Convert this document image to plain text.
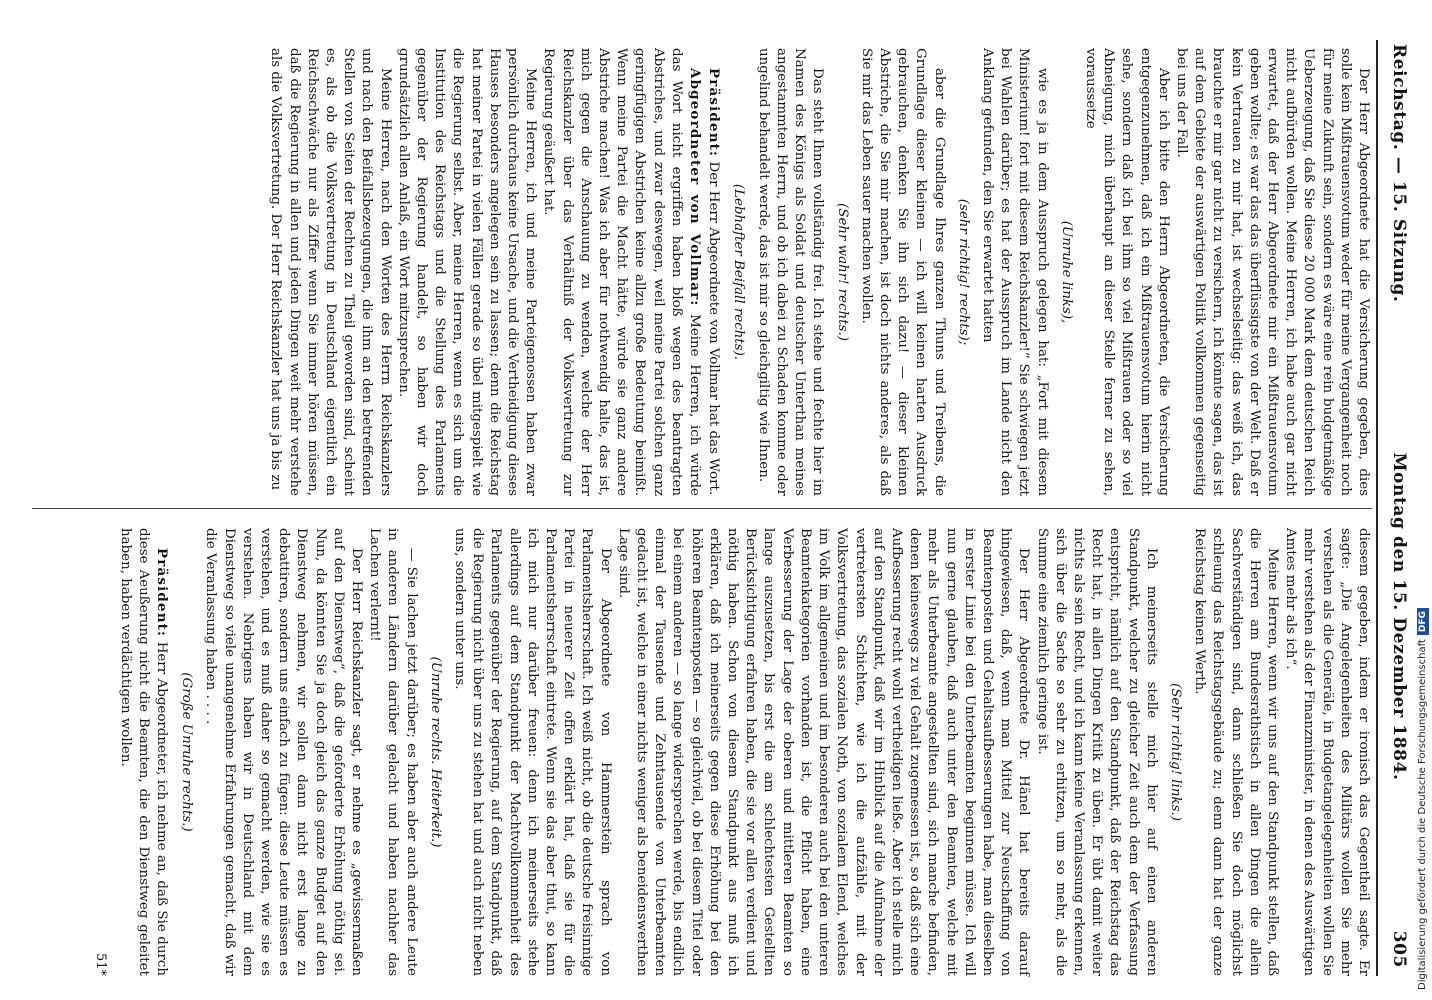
Reichstag. — 15. Sitzung.
Montag den 15. Dezember 1884.
305

Der Herr Abgeordnete hat die Versicherung gegeben, dies solle kein Mißtrauensvotum weder für meine Vergangenheit noch für meine Zukunft sein, sondern es wäre eine rein budgetmäßige Ueberzeugung, daß Sie diese 20 000 Mark dem deutschen Reich nicht aufbürden wollen. Meine Herren, ich habe auch gar nicht erwartet, daß der Herr Abgeordnete mir ein Mißtrauensvotum geben wollte; es war das das überflüssigste von der Welt. Daß er kein Vertrauen zu mir hat, ist wechselseitig: das weiß ich, das brauchte er mir gar nicht zu versichern, ich könnte sagen, das ist auf dem Gebiete der auswärtigen Politik vollkommen gegenseitig bei uns der Fall.

Aber ich bitte den Herrn Abgeordneten, die Versicherung entgegenzunehmen, daß ich ein Mißtrauensvotum hierin nicht sehe, sondern daß ich bei ihm so viel Mißtrauen oder so viel Abneigung, mich überhaupt an dieser Stelle ferner zu sehen, voraussetze

(Unruhe links),

wie es ja in dem Ausspruch gelegen hat: „Fort mit diesem Ministerium! fort mit diesem Reichskanzler!“ Sie schwiegen jetzt bei Wahlen darüber; es hat der Ausspruch im Lande nicht den Anklang gefunden, den Sie erwartet hatten

(sehr richtig! rechts);

aber die Grundlage Ihres ganzen Thuns und Treibens, die Grundlage dieser kleinen — ich will keinen harten Ausdruck gebrauchen, denken Sie ihn sich dazu! — dieser kleinen Abstriche, die Sie mir machen, ist doch nichts anderes, als daß Sie mir das Leben sauer machen wollen.

(Sehr wahr! rechts.)

Das steht Ihnen vollständig frei. Ich stehe und fechte hier im Namen des Königs als Soldat und deutscher Unterthan meines angestammten Herrn, und ob ich dabei zu Schaden komme oder ungelind behandelt werde, das ist mir so gleichgiltig wie Ihnen.

(Lebhafter Beifall rechts).

Präsident: Der Herr Abgeordnete von Vollmar hat das Wort.

Abgeordneter von Vollmar: Meine Herren, ich würde das Wort nicht ergriffen haben bloß wegen des beantragten Abstriches, und zwar deswegen, weil meine Partei solchen ganz geringfügigen Abstrichen keine allzu große Bedeutung beimißt. Wenn meine Partei die Macht hätte, würde sie ganz andere Abstriche machen! Was ich aber für nothwendig halte, das ist, mich gegen die Anschauung zu wenden, welche der Herr Reichskanzler über das Verhältniß der Volksvertretung zur Regierung geäußert hat.

Meine Herren, ich und meine Parteigenossen haben zwar persönlich durchaus keine Ursache, und die Vertheidigung dieses Hauses besonders angelegen sein zu lassen; denn die Reichstag hat meiner Partei in vielen Fällen gerade so übel mitgespielt wie die Regierung selbst. Aber, meine Herren, wenn es sich um die Institution des Reichstags und die Stellung des Parlaments gegenüber der Regierung handelt, so haben wir doch grundsätzlich allen Anlaß, ein Wort mitzusprechen.

Meine Herren, nach den Worten des Herrn Reichskanzlers und nach den Beifallsbezeugungen, die ihm an den betreffenden Stellen von Seiten der Rechten zu Theil geworden sind, scheint es, als ob die Volksvertretung in Deutschland eigentlich ein Reichsschwäche nur als Ziffer wenn Sie immer hören müssen, daß die Regierung in allen und jeden Dingen weit mehr verstehe als die Volksvertretung. Der Herr Reichskanzler hat uns ja bis zu

diesem gegeben, indem er ironisch das Gegentheil sagte. Er sagte: „Die Angelegenheiten des Militärs wollen Sie mehr verstehen als die Generäle, in Budgetangelegenheiten wollen Sie mehr verstehen als der Finanzminister, in denen des Auswärtigen Amtes mehr als ich“.

Meine Herren, wenn wir uns auf den Standpunkt stellen, daß die Herren am Bundesrathstisch in allen Dingen die allein Sachverständigen sind, dann schließen Sie doch möglichst schleunig das Reichstagsgebäude zu; denn dann hat der ganze Reichstag keinen Werth.

(Sehr richtig! links.)

Ich meinerseits stelle mich hier auf einen anderen Standpunkt, welcher zu gleicher Zeit auch dem der Verfassung entspricht, nämlich auf den Standpunkt, daß der Reichstag das Recht hat, in allen Dingen Kritik zu üben. Er übt damit weiter nichts als sein Recht, und ich kann keine Veranlassung erkennen, sich über die Sache so sehr zu erhitzen, um so mehr, als die Summe eine ziemlich geringe ist.

Der Herr Abgeordnete Dr. Hänel hat bereits darauf hingewiesen, daß, wenn man Mittel zur Neuschaffung von Beamtenposten und Gehaltsaufbesserungen habe, man dieselben in erster Linie bei den Unterbeamten beginnen müsse. Ich will nun gerne glauben, daß auch unter den Beamten, welche mit mehr als Unterbeamte angestellten sind, sich manche befinden, denen keineswegs zu viel Gehalt zugemessen ist, so daß sich eine Aufbesserung recht wohl vertheidigen ließe. Aber ich stelle mich auf den Standpunkt, daß wir im Hinblick auf die Aufnahme der vertretersten Schichten, wie ich die aufzähle, mit der Volksvertretung, das sozialen Noth, von sozialem Elend, welches im Volk im allgemeinen und im besonderen auch bei den unteren Beamtenkategorien vorhanden ist, die Pflicht haben, eine Verbesserung der Lage der oberen und mittleren Beamten so lange auszusetzen, bis erst die am schlechtesten Gestellten Berücksichtigung erfahren haben, die sie vor allen verdient und nöthig haben. Schon von diesem Standpunkt aus muß ich erklären, daß ich meinerseits gegen diese Erhöhung bei den höheren Beamtenposten — so gleichviel, ob bei diesem Titel oder bei einem anderen — so lange widersprechen werde, bis endlich einmal der Tausende und Zehntausende von Unterbeamten gedacht ist, welche in einer nichts weniger als beneidenswerthen Lage sind.

Der Abgeordnete von Hammerstein sprach von Parlamentsherrschaft. Ich weiß nicht, ob die deutsche freisinnige Partei in neuerer Zeit offen erklärt hat, daß sie für die Parlamentsherrschaft eintrete. Wenn sie das aber thut, so kann ich mich nur darüber freuen: denn ich meinerseits stehe allerdings auf dem Standpunkt der Machtvollkommenheit des Parlaments gegenüber der Regierung, auf dem Standpunkt, daß die Regierung nicht über uns zu stehen hat und auch nicht neben uns, sondern unter uns.

(Unruhe rechts. Heiterkeit.)

— Sie lachen jetzt darüber; es haben aber auch andere Leute in anderen Ländern darüber gelacht und haben nachher das Lachen verlernt!

Der Herr Reichskanzler sagt, er nehme es „gewissermaßen auf den Dienstweg“, daß die geforderte Erhöhung nöthig sei. Nun, da könnten Sie ja doch gleich das ganze Budget auf den Dienstweg nehmen, wir sollen dann nicht erst lange zu debattiren, sondern uns einfach zu fügen: diese Leute müssen es verstehen, und es muß daher so gemacht werden, wie sie es verstehen. Nebrigens haben wir in Deutschland mit dem Dienstweg so viele unangenehme Erfahrungen gemacht, daß wir die Veranlassung haben . . . .

(Große Unruhe rechts.)

Präsident: Herr Abgeordneter, ich nehme an, daß Sie durch diese Aeußerung nicht die Beamten, die den Dienstweg geleitet haben, haben verdächtigen wollen.

51*	Digitalisierung gefördert durch die Deutsche Forschungsgemeinschaft
DFG
